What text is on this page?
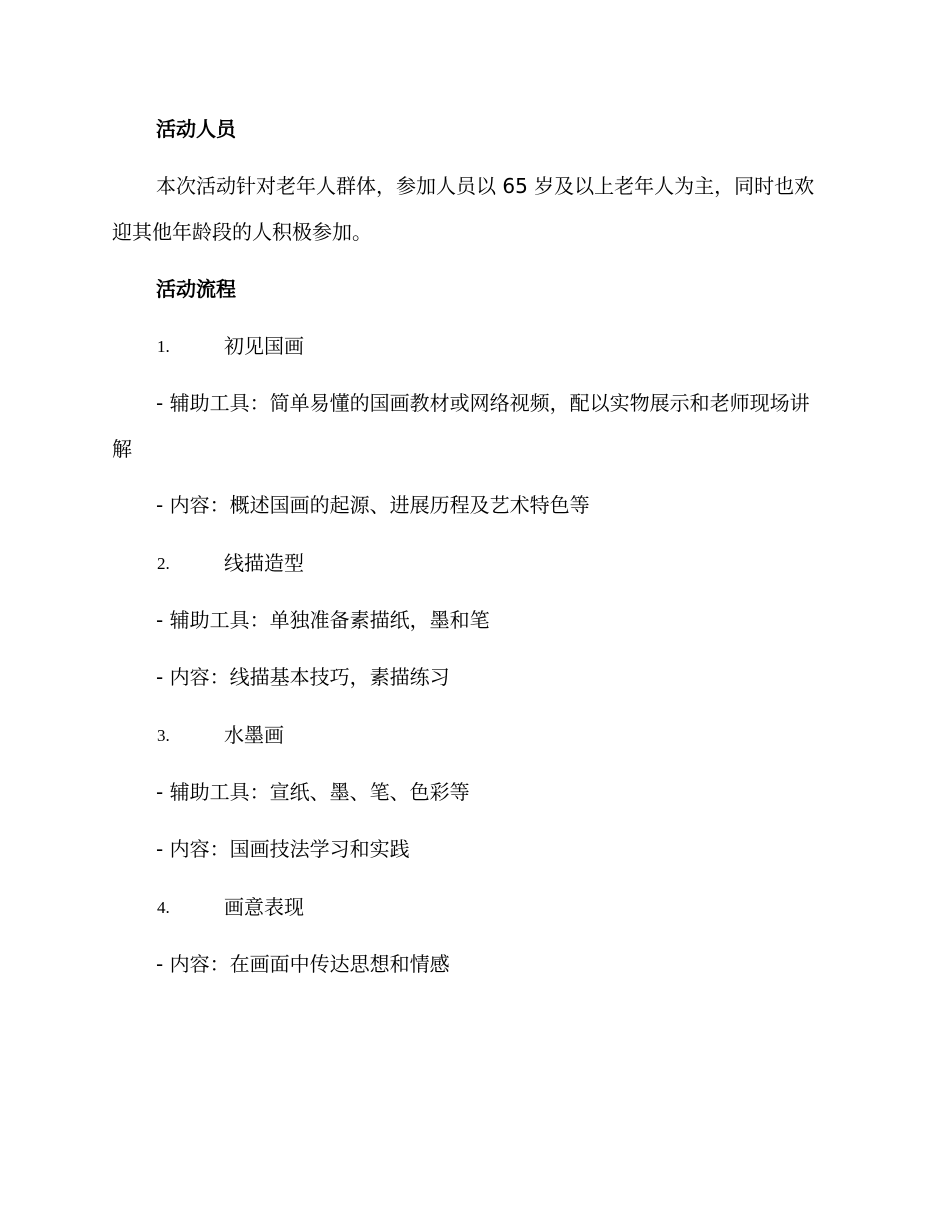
活动人员
本次活动针对老年人群体，参加人员以 65 岁及以上老年人为主，同时也欢迎其他年龄段的人积极参加。
活动流程
1.	初见国画
- 辅助工具：简单易懂的国画教材或网络视频，配以实物展示和老师现场讲解
- 内容：概述国画的起源、进展历程及艺术特色等
2.	线描造型
- 辅助工具：单独准备素描纸，墨和笔
- 内容：线描基本技巧，素描练习
3.	水墨画
- 辅助工具：宣纸、墨、笔、色彩等
- 内容：国画技法学习和实践
4.	画意表现
- 内容：在画面中传达思想和情感
